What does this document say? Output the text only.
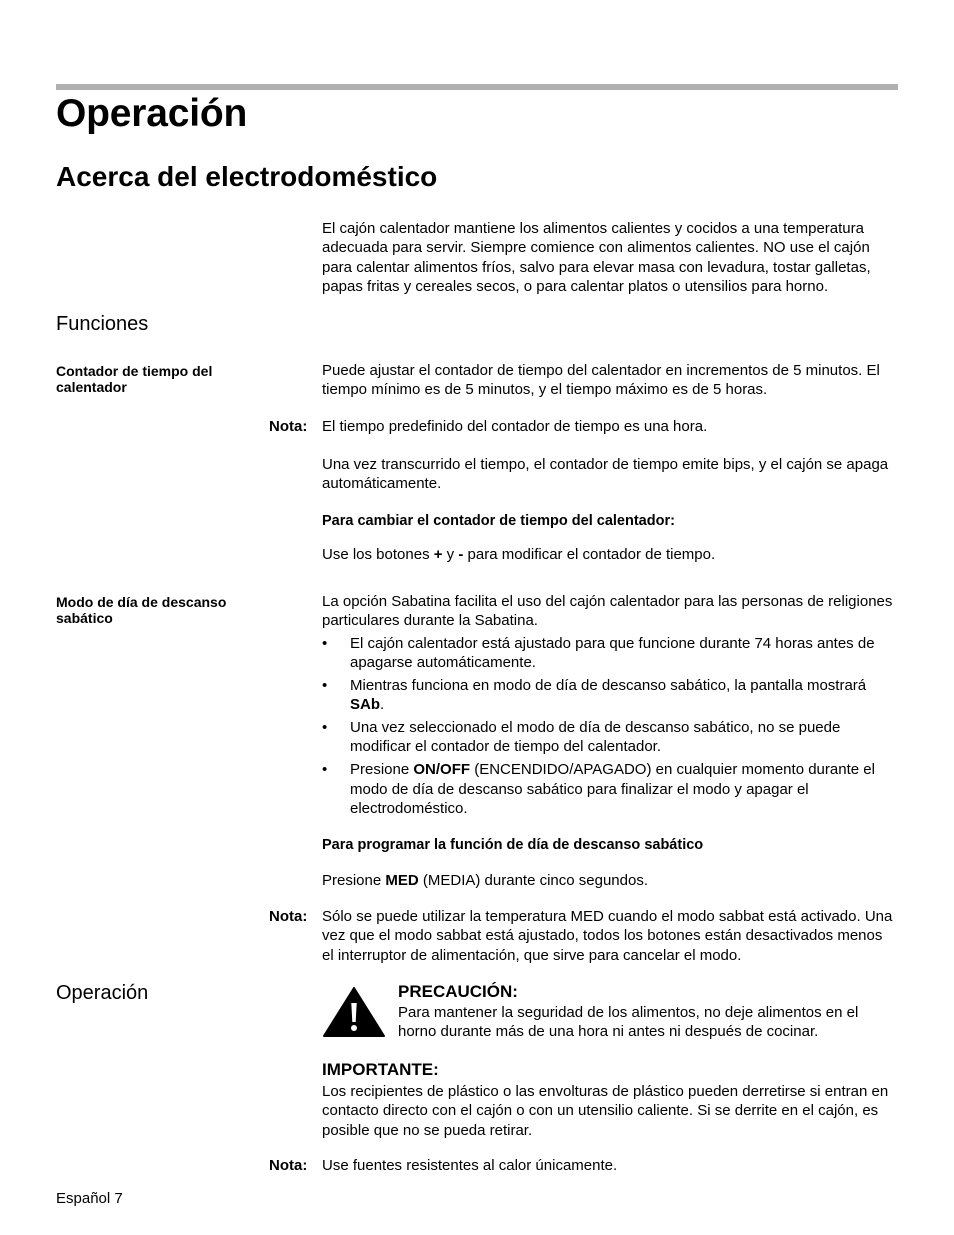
Operación
Acerca del electrodoméstico

El cajón calentador mantiene los alimentos calientes y cocidos a una temperatura adecuada para servir. Siempre comience con alimentos calientes. NO use el cajón para calentar alimentos fríos, salvo para elevar masa con levadura, tostar galletas, papas fritas y cereales secos, o para calentar platos o utensilios para horno.

Funciones
Contador de tiempo del calentador

Puede ajustar el contador de tiempo del calentador en incrementos de 5 minutos. El tiempo mínimo es de 5 minutos, y el tiempo máximo es de 5 horas.

Nota: El tiempo predefinido del contador de tiempo es una hora.

Una vez transcurrido el tiempo, el contador de tiempo emite bips, y el cajón se apaga automáticamente.

Para cambiar el contador de tiempo del calentador:

Use los botones + y - para modificar el contador de tiempo.

Modo de día de descanso sabático

La opción Sabatina facilita el uso del cajón calentador para las personas de religiones particulares durante la Sabatina.

• El cajón calentador está ajustado para que funcione durante 74 horas antes de apagarse automáticamente.
• Mientras funciona en modo de día de descanso sabático, la pantalla mostrará SAb.
• Una vez seleccionado el modo de día de descanso sabático, no se puede modificar el contador de tiempo del calentador.
• Presione ON/OFF (ENCENDIDO/APAGADO) en cualquier momento durante el modo de día de descanso sabático para finalizar el modo y apagar el electrodoméstico.
Para programar la función de día de descanso sabático

Presione MED (MEDIA) durante cinco segundos.

Nota: Sólo se puede utilizar la temperatura MED cuando el modo sabbat está activado. Una vez que el modo sabbat está ajustado, todos los botones están desactivados menos el interruptor de alimentación, que sirve para cancelar el modo.

Operación	PRECAUCIÓN:

Para mantener la seguridad de los alimentos, no deje alimentos en el horno durante más de una hora ni antes ni después de cocinar.

IMPORTANTE:

Los recipientes de plástico o las envolturas de plástico pueden derretirse si entran en contacto directo con el cajón o con un utensilio caliente. Si se derrite en el cajón, es posible que no se pueda retirar.

Nota: Use fuentes resistentes al calor únicamente.

Español 7
